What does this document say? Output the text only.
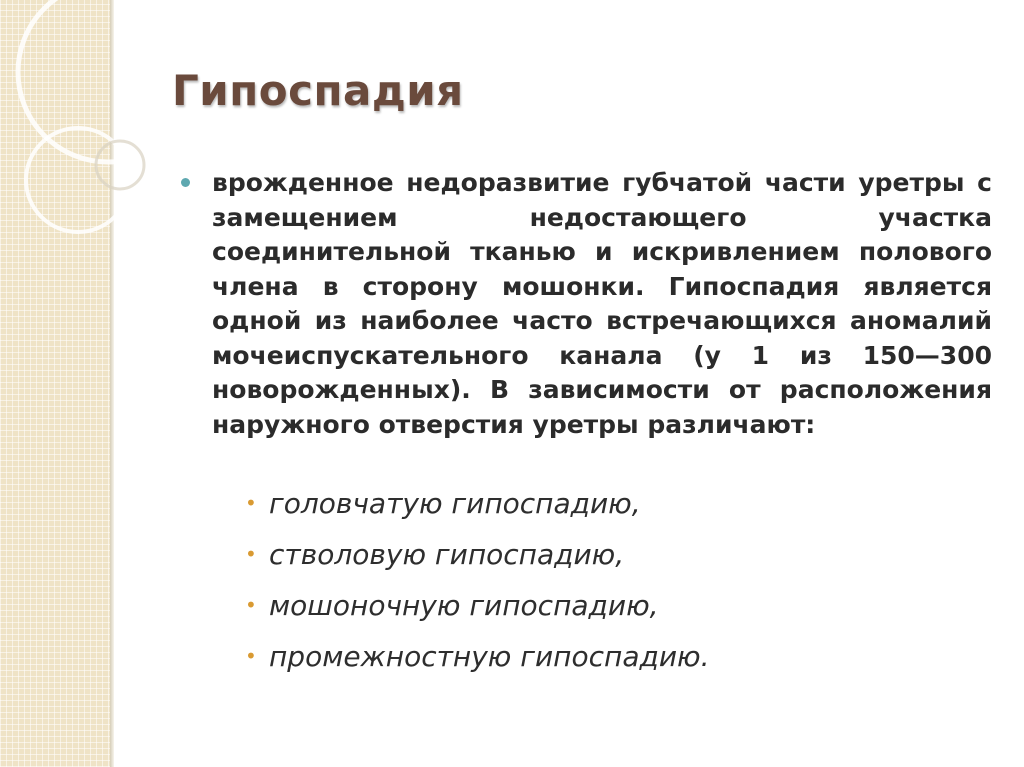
Гипоспадия

врожденное недоразвитие губчатой части уретры с замещением недостающего участка соединительной тканью и искривлением полового члена в сторону мошонки. Гипоспадия является одной из наиболее часто встречающихся аномалий мочеиспускательного канала (у 1 из 150—300 новорожденных). В зависимости от расположения наружного отверстия уретры различают:

• головчатую гипоспадию,
• стволовую гипоспадию,
• мошоночную гипоспадию,
• промежностную гипоспадию.
